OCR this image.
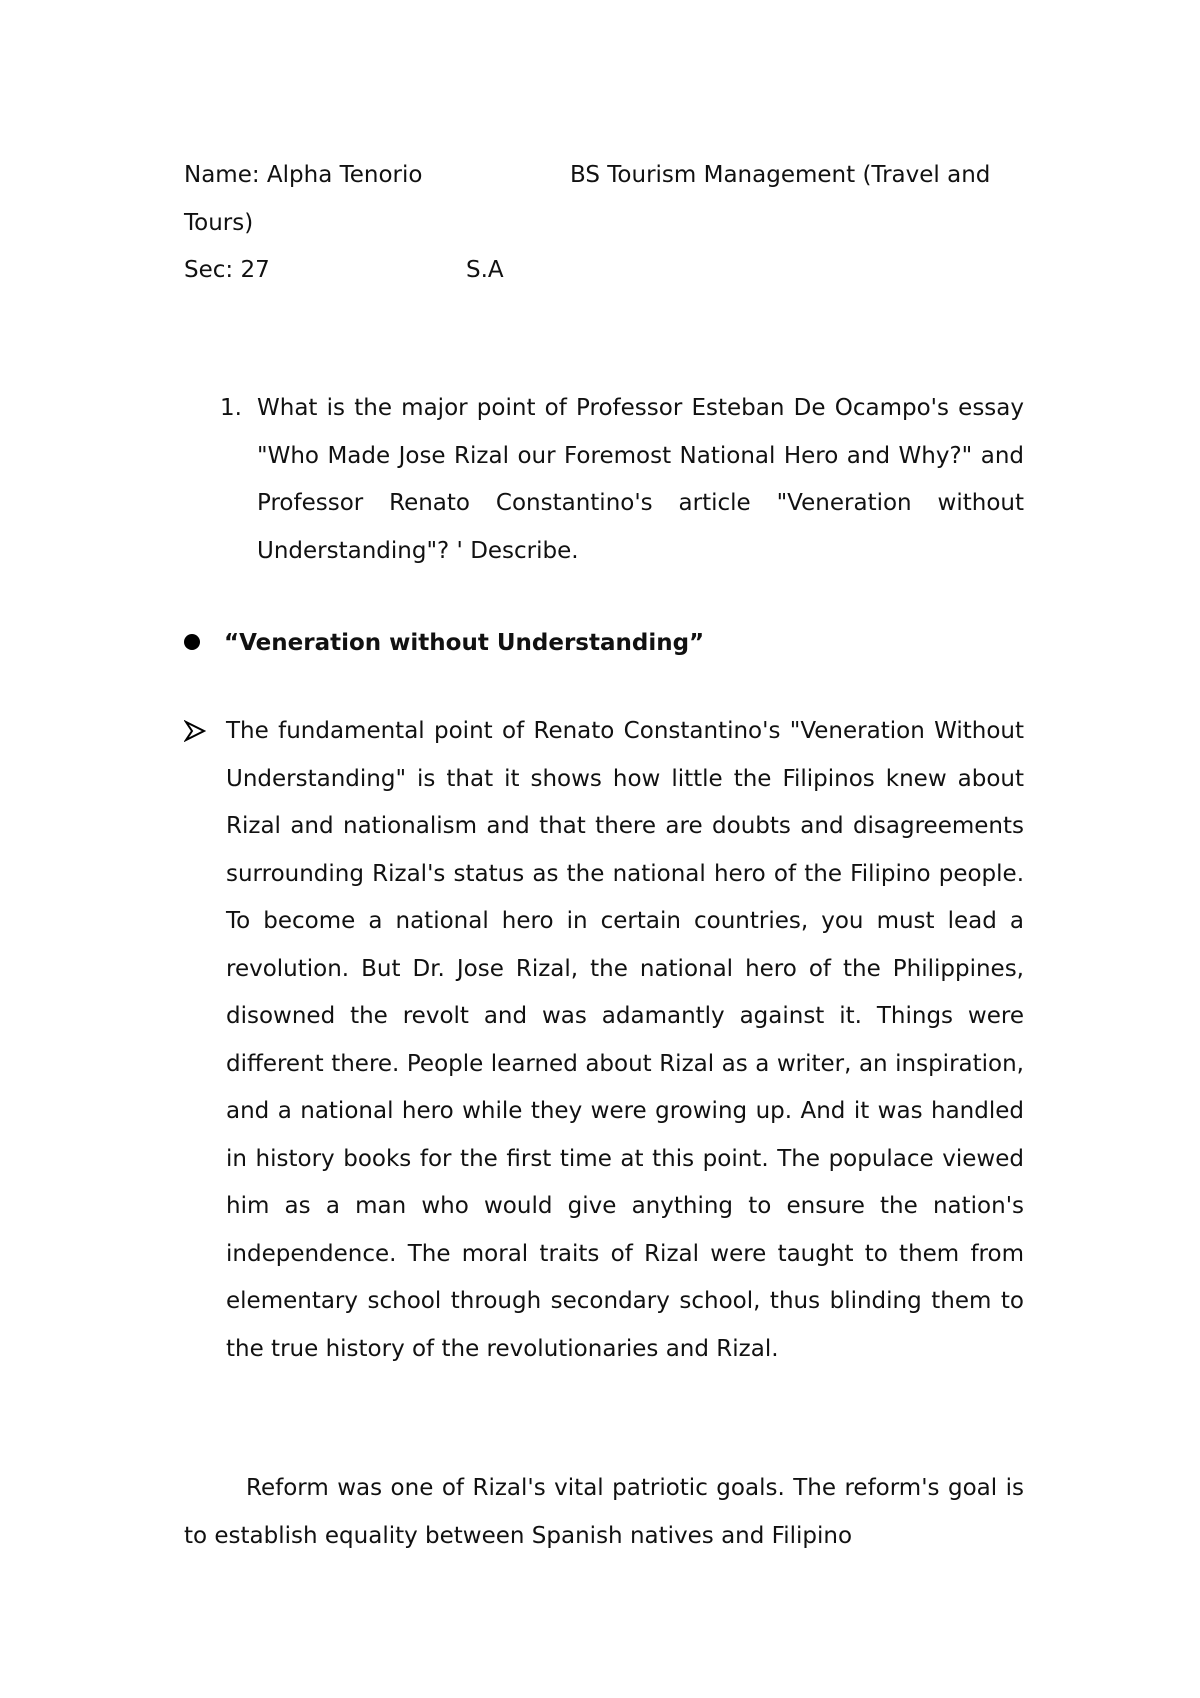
Name: Alpha Tenorio	BS Tourism Management (Travel and
Tours)
Sec: 27	S.A
1. What is the major point of Professor Esteban De Ocampo's essay "Who Made Jose Rizal our Foremost National Hero and Why?" and Professor Renato Constantino's article "Veneration without Understanding"? ' Describe.
“Veneration without Understanding”
The fundamental point of Renato Constantino's "Veneration Without Understanding" is that it shows how little the Filipinos knew about Rizal and nationalism and that there are doubts and disagreements surrounding Rizal's status as the national hero of the Filipino people. To become a national hero in certain countries, you must lead a revolution. But Dr. Jose Rizal, the national hero of the Philippines, disowned the revolt and was adamantly against it. Things were different there. People learned about Rizal as a writer, an inspiration, and a national hero while they were growing up. And it was handled in history books for the first time at this point. The populace viewed him as a man who would give anything to ensure the nation's independence. The moral traits of Rizal were taught to them from elementary school through secondary school, thus blinding them to the true history of the revolutionaries and Rizal.
Reform was one of Rizal's vital patriotic goals. The reform's goal is to establish equality between Spanish natives and Filipino
